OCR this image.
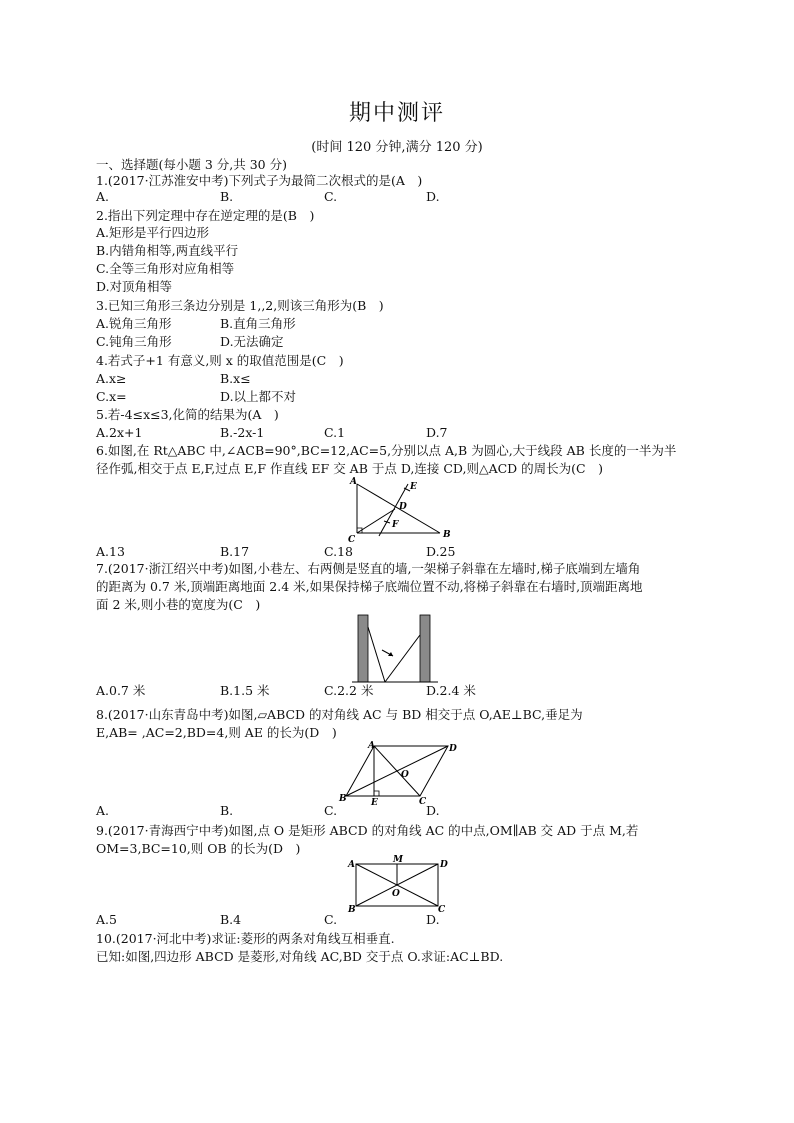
期中测评
(时间 120 分钟,满分 120 分)
一、选择题(每小题 3 分,共 30 分)
1.(2017·江苏淮安中考)下列式子为最简二次根式的是(A　)
A.	B.	C.	D.
2.指出下列定理中存在逆定理的是(B　)
A.矩形是平行四边形
B.内错角相等,两直线平行
C.全等三角形对应角相等
D.对顶角相等
3.已知三角形三条边分别是 1,,2,则该三角形为(B　)
A.锐角三角形	B.直角三角形
C.钝角三角形	D.无法确定
4.若式子+1 有意义,则 x 的取值范围是(C　)
A.x≥	B.x≤
C.x=	D.以上都不对
5.若-4≤x≤3,化简的结果为(A　)
A.2x+1	B.-2x-1	C.1	D.7
6.如图,在 Rt△ABC 中,∠ACB=90°,BC=12,AC=5,分别以点 A,B 为圆心,大于线段 AB 长度的一半为半
径作弧,相交于点 E,F,过点 E,F 作直线 EF 交 AB 于点 D,连接 CD,则△ACD 的周长为(C　)
A
B
C
D
E
F
A.13	B.17	C.18	D.25
7.(2017·浙江绍兴中考)如图,小巷左、右两侧是竖直的墙,一架梯子斜靠在左墙时,梯子底端到左墙角
的距离为 0.7 米,顶端距离地面 2.4 米,如果保持梯子底端位置不动,将梯子斜靠在右墙时,顶端距离地
面 2 米,则小巷的宽度为(C　)
A.0.7 米	B.1.5 米	C.2.2 米	D.2.4 米
8.(2017·山东青岛中考)如图,▱ABCD 的对角线 AC 与 BD 相交于点 O,AE⊥BC,垂足为
E,AB= ,AC=2,BD=4,则 AE 的长为(D　)
A
B	C
D
E
O
A.	B.	C.	D.
9.(2017·青海西宁中考)如图,点 O 是矩形 ABCD 的对角线 AC 的中点,OM∥AB 交 AD 于点 M,若
OM=3,BC=10,则 OB 的长为(D　)
A
B	C
D
M
O
A.5	B.4	C.	D.
10.(2017·河北中考)求证:菱形的两条对角线互相垂直.
已知:如图,四边形 ABCD 是菱形,对角线 AC,BD 交于点 O.求证:AC⊥BD.
